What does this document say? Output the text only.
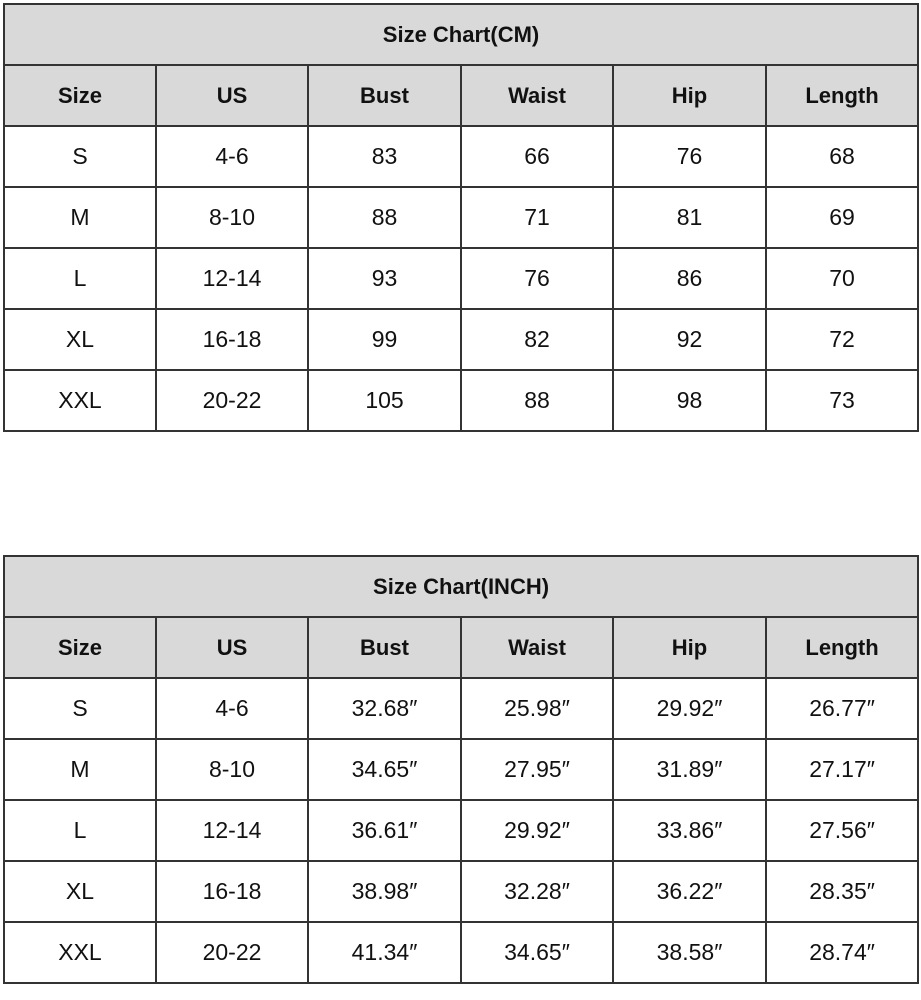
Size Chart(CM)					
Size	US	Bust	Waist	Hip	Length
S	4-6	83	66	76	68
M	8-10	88	71	81	69
L	12-14	93	76	86	70
XL	16-18	99	82	92	72
XXL	20-22	105	88	98	73
Size Chart(INCH)					
Size	US	Bust	Waist	Hip	Length
S	4-6	32.68″	25.98″	29.92″	26.77″
M	8-10	34.65″	27.95″	31.89″	27.17″
L	12-14	36.61″	29.92″	33.86″	27.56″
XL	16-18	38.98″	32.28″	36.22″	28.35″
XXL	20-22	41.34″	34.65″	38.58″	28.74″
